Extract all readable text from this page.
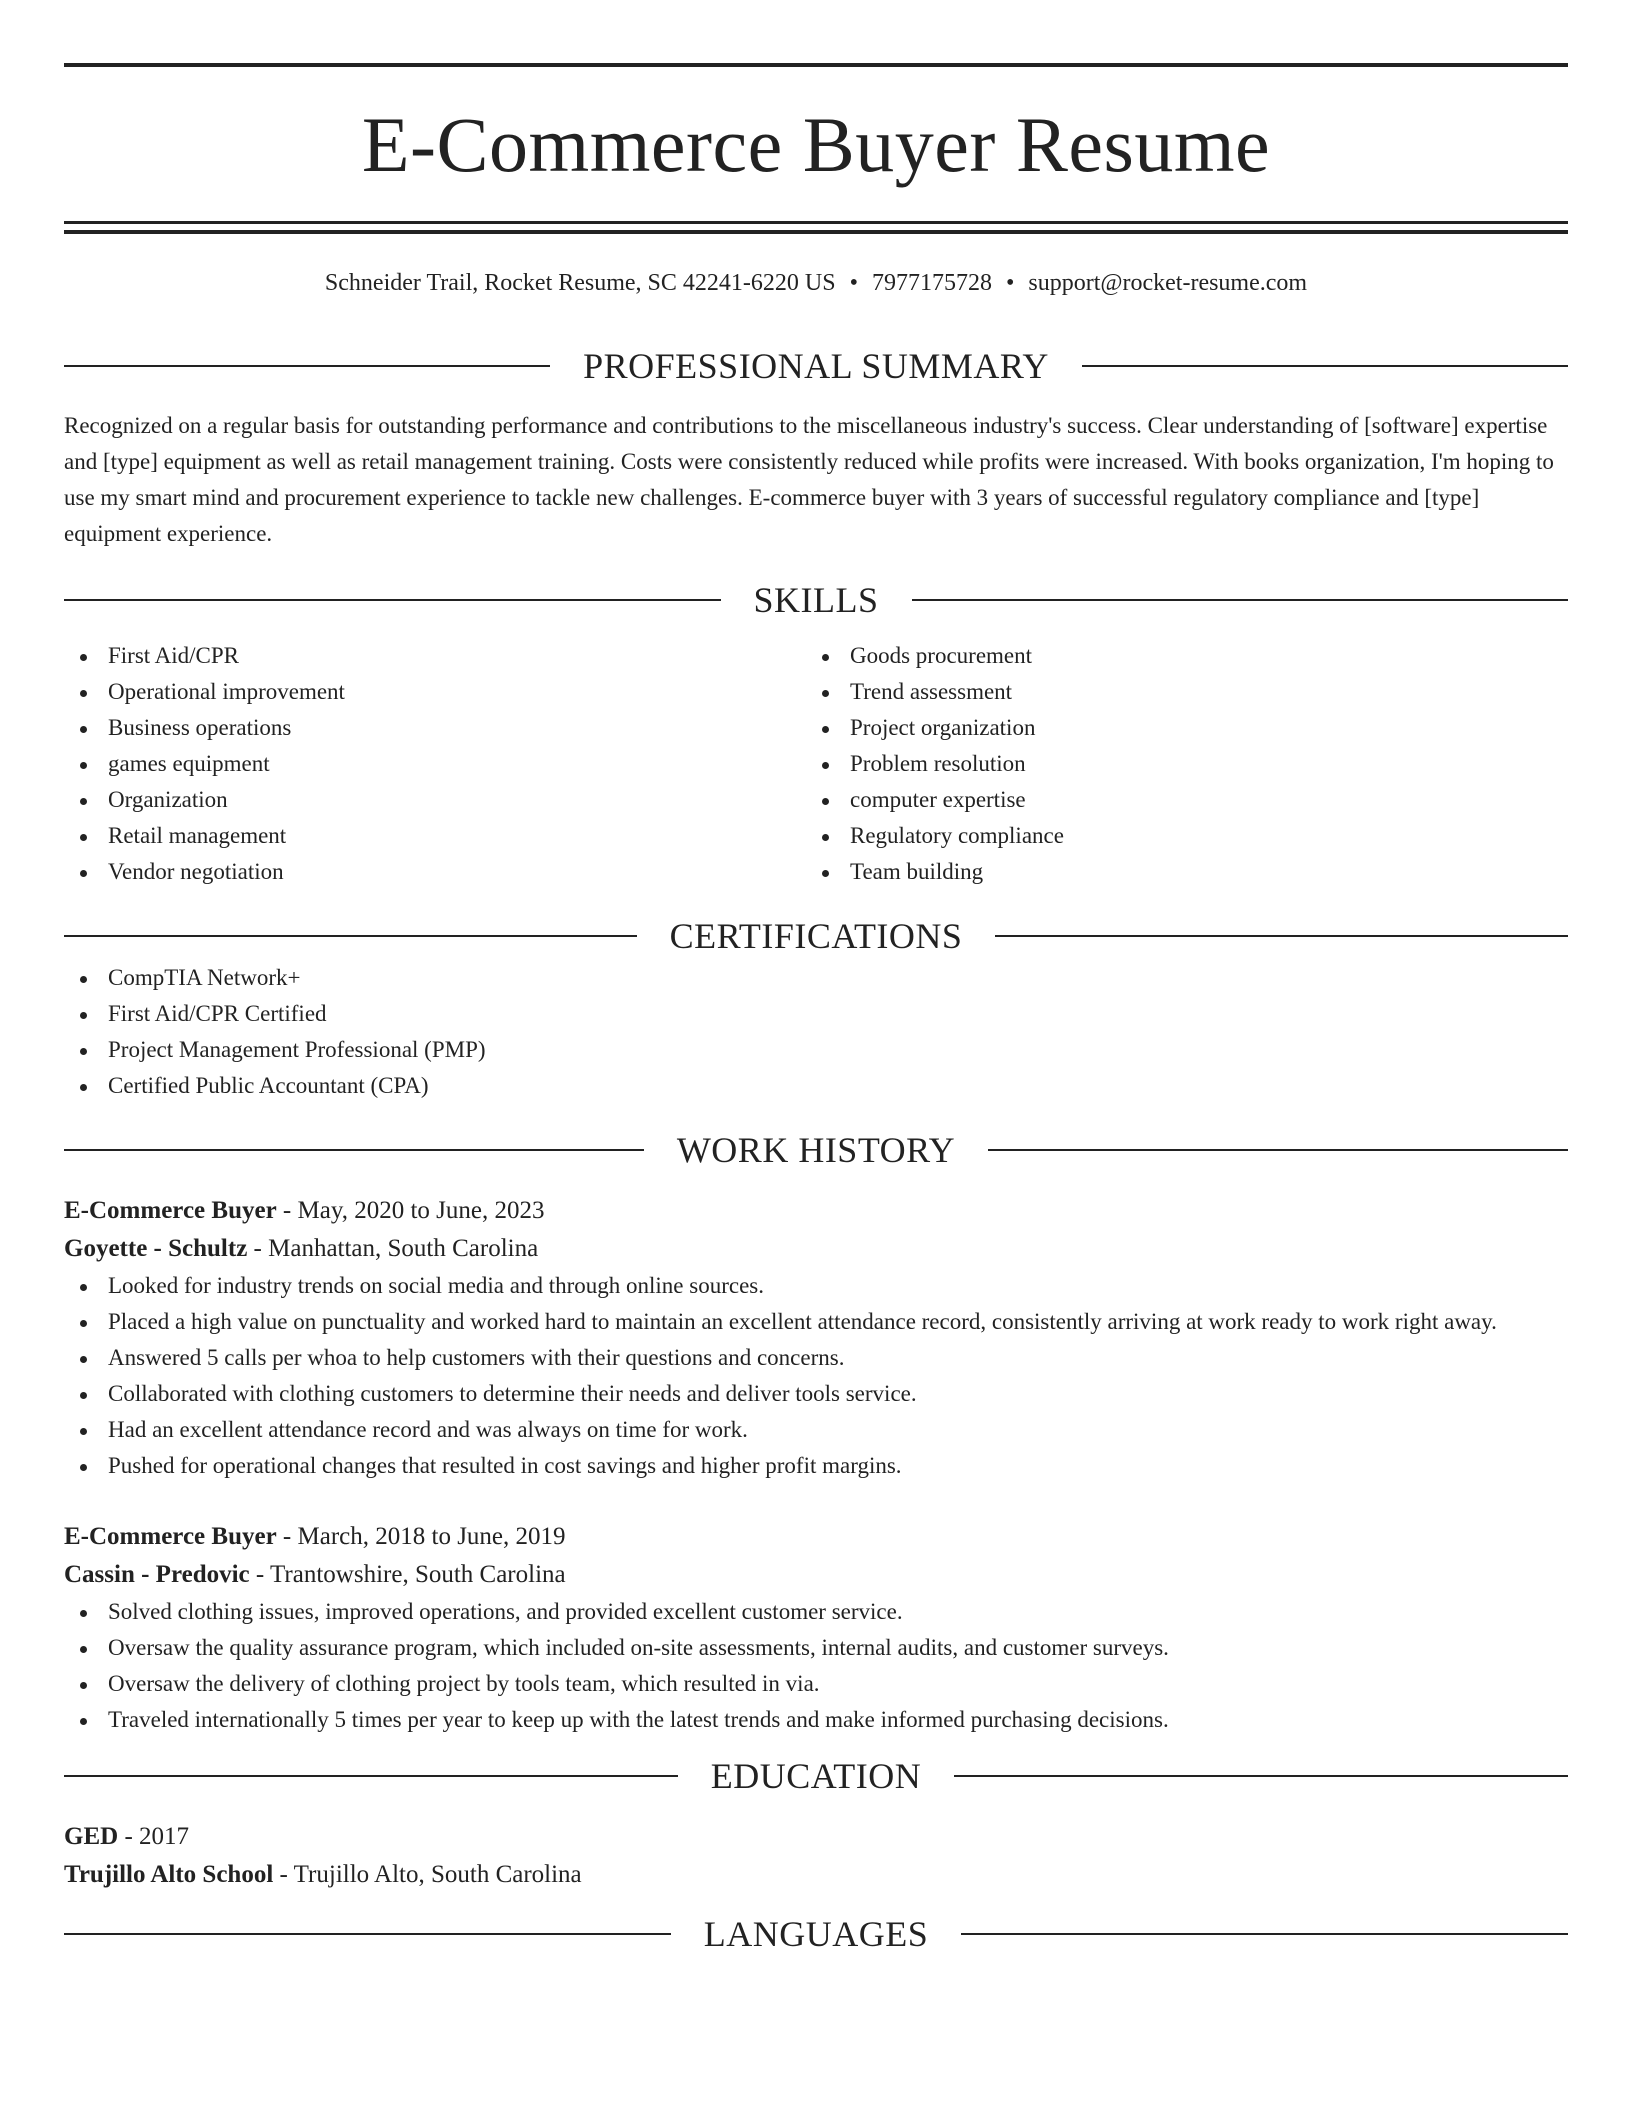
E-Commerce Buyer Resume
Schneider Trail, Rocket Resume, SC 42241-6220 US • 7977175728 • support@rocket-resume.com
PROFESSIONAL SUMMARY
Recognized on a regular basis for outstanding performance and contributions to the miscellaneous industry's success. Clear understanding of [software] expertise and [type] equipment as well as retail management training. Costs were consistently reduced while profits were increased. With books organization, I'm hoping to use my smart mind and procurement experience to tackle new challenges. E-commerce buyer with 3 years of successful regulatory compliance and [type] equipment experience.
SKILLS
First Aid/CPR
Operational improvement
Business operations
games equipment
Organization
Retail management
Vendor negotiation
Goods procurement
Trend assessment
Project organization
Problem resolution
computer expertise
Regulatory compliance
Team building
CERTIFICATIONS
CompTIA Network+
First Aid/CPR Certified
Project Management Professional (PMP)
Certified Public Accountant (CPA)
WORK HISTORY
E-Commerce Buyer - May, 2020 to June, 2023
Goyette - Schultz - Manhattan, South Carolina
Looked for industry trends on social media and through online sources.
Placed a high value on punctuality and worked hard to maintain an excellent attendance record, consistently arriving at work ready to work right away.
Answered 5 calls per whoa to help customers with their questions and concerns.
Collaborated with clothing customers to determine their needs and deliver tools service.
Had an excellent attendance record and was always on time for work.
Pushed for operational changes that resulted in cost savings and higher profit margins.
E-Commerce Buyer - March, 2018 to June, 2019
Cassin - Predovic - Trantowshire, South Carolina
Solved clothing issues, improved operations, and provided excellent customer service.
Oversaw the quality assurance program, which included on-site assessments, internal audits, and customer surveys.
Oversaw the delivery of clothing project by tools team, which resulted in via.
Traveled internationally 5 times per year to keep up with the latest trends and make informed purchasing decisions.
EDUCATION
GED - 2017
Trujillo Alto School - Trujillo Alto, South Carolina
LANGUAGES
